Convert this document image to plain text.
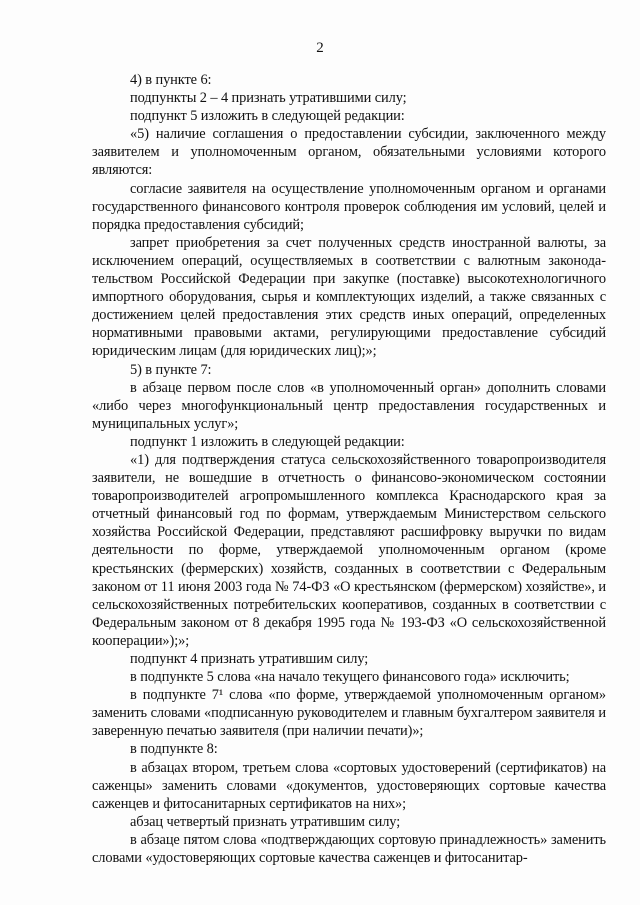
2

4) в пункте 6:

подпункты 2 – 4 признать утратившими силу;

подпункт 5 изложить в следующей редакции:

«5) наличие соглашения о предоставлении субсидии, заключенного между заявителем и уполномоченным органом, обязательными условиями которого являются:

согласие заявителя на осуществление уполномоченным органом и органами государственного финансового контроля проверок соблюдения им условий, целей и порядка предоставления субсидий;

запрет приобретения за счет полученных средств иностранной валюты, за исключением операций, осуществляемых в соответствии с валютным законодательством Российской Федерации при закупке (поставке) высокотехнологичного импортного оборудования, сырья и комплектующих изделий, а также связанных с достижением целей предоставления этих средств иных операций, определенных нормативными правовыми актами, регулирующими предоставление субсидий юридическим лицам (для юридических лиц);»;

5) в пункте 7:

в абзаце первом после слов «в уполномоченный орган» дополнить словами «либо через многофункциональный центр предоставления государственных и муниципальных услуг»;

подпункт 1 изложить в следующей редакции:

«1) для подтверждения статуса сельскохозяйственного товаропроизводителя заявители, не вошедшие в отчетность о финансово-экономическом состоянии товаропроизводителей агропромышленного комплекса Краснодарского края за отчетный финансовый год по формам, утверждаемым Министерством сельского хозяйства Российской Федерации, представляют расшифровку выручки по видам деятельности по форме, утверждаемой уполномоченным органом (кроме крестьянских (фермерских) хозяйств, созданных в соответствии с Федеральным законом от 11 июня 2003 года № 74-ФЗ «О крестьянском (фермерском) хозяйстве», и сельскохозяйственных потребительских кооперативов, созданных в соответствии с Федеральным законом от 8 декабря 1995 года № 193-ФЗ «О сельскохозяйственной кооперации»);»;

подпункт 4 признать утратившим силу;

в подпункте 5 слова «на начало текущего финансового года» исключить;

в подпункте 7¹ слова «по форме, утверждаемой уполномоченным органом» заменить словами «подписанную руководителем и главным бухгалтером заявителя и заверенную печатью заявителя (при наличии печати)»;

в подпункте 8:

в абзацах втором, третьем слова «сортовых удостоверений (сертификатов) на саженцы» заменить словами «документов, удостоверяющих сортовые качества саженцев и фитосанитарных сертификатов на них»;

абзац четвертый признать утратившим силу;

в абзаце пятом слова «подтверждающих сортовую принадлежность» заменить словами «удостоверяющих сортовые качества саженцев и фитосанитар-
